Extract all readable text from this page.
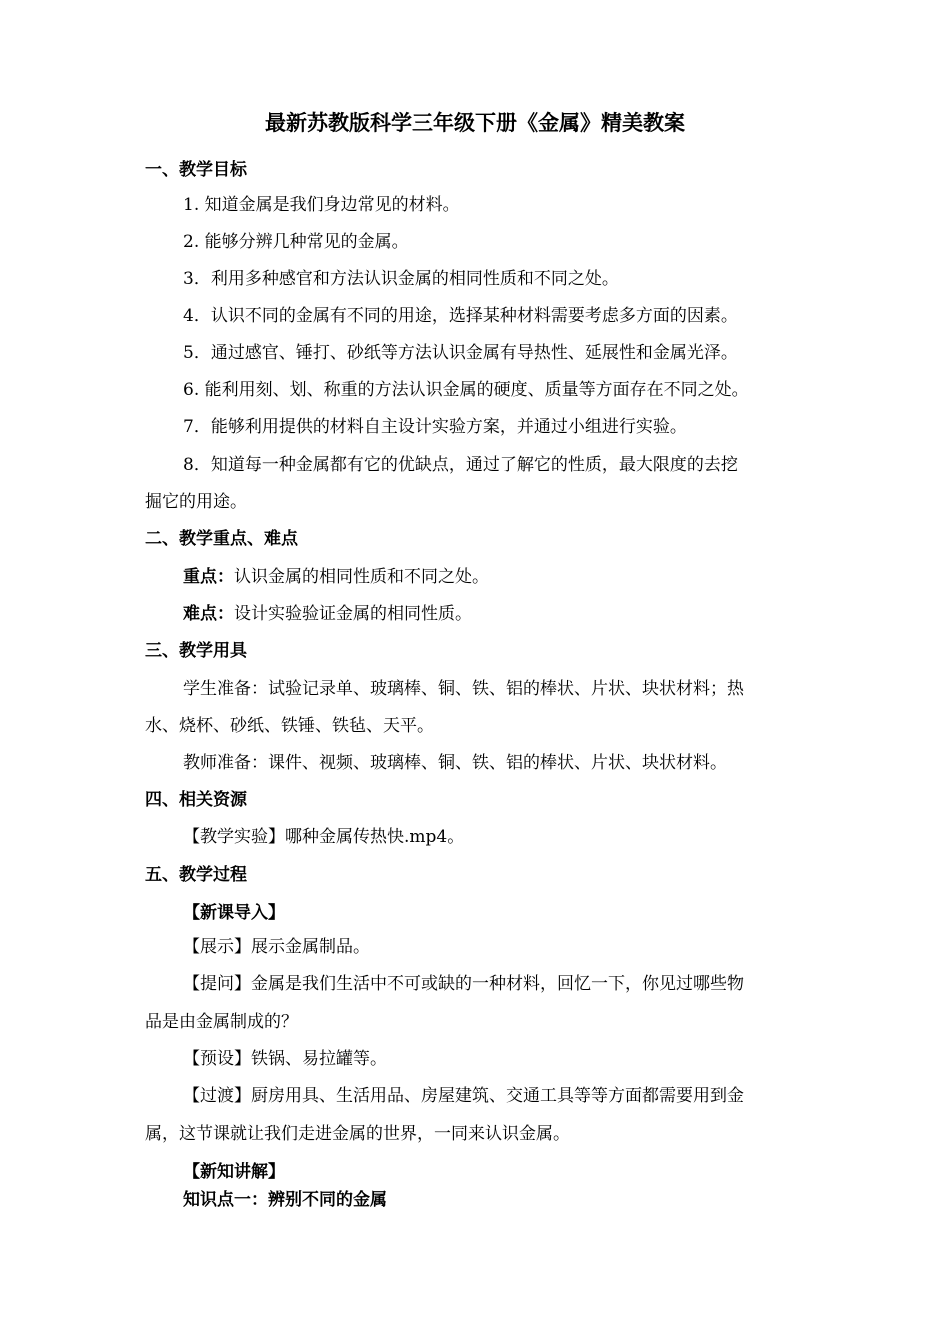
最新苏教版科学三年级下册《金属》精美教案
一、教学目标
1. 知道金属是我们身边常见的材料。
2. 能够分辨几种常见的金属。
3．利用多种感官和方法认识金属的相同性质和不同之处。
4．认识不同的金属有不同的用途，选择某种材料需要考虑多方面的因素。
5．通过感官、锤打、砂纸等方法认识金属有导热性、延展性和金属光泽。
6. 能利用刻、划、称重的方法认识金属的硬度、质量等方面存在不同之处。
7．能够利用提供的材料自主设计实验方案，并通过小组进行实验。
8．知道每一种金属都有它的优缺点，通过了解它的性质，最大限度的去挖
掘它的用途。
二、教学重点、难点
重点：认识金属的相同性质和不同之处。
难点：设计实验验证金属的相同性质。
三、教学用具
学生准备：试验记录单、玻璃棒、铜、铁、铝的棒状、片状、块状材料；热
水、烧杯、砂纸、铁锤、铁毡、天平。
教师准备：课件、视频、玻璃棒、铜、铁、铝的棒状、片状、块状材料。
四、相关资源
【教学实验】哪种金属传热快.mp4。
五、教学过程
【新课导入】
【展示】展示金属制品。
【提问】金属是我们生活中不可或缺的一种材料，回忆一下，你见过哪些物
品是由金属制成的？
【预设】铁锅、易拉罐等。
【过渡】厨房用具、生活用品、房屋建筑、交通工具等等方面都需要用到金
属，这节课就让我们走进金属的世界，一同来认识金属。
【新知讲解】
知识点一：辨别不同的金属
